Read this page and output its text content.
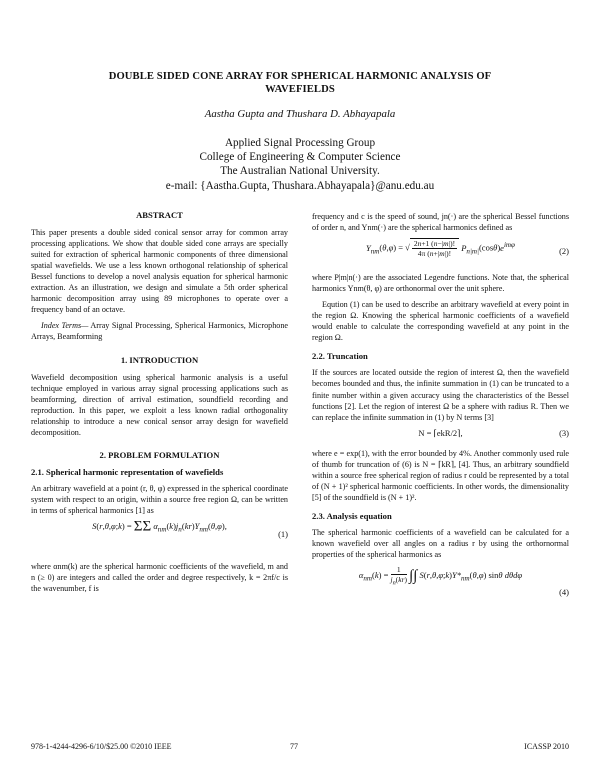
DOUBLE SIDED CONE ARRAY FOR SPHERICAL HARMONIC ANALYSIS OF
WAVEFIELDS
Aastha Gupta and Thushara D. Abhayapala
Applied Signal Processing Group
College of Engineering & Computer Science
The Australian National University.
e-mail: {Aastha.Gupta, Thushara.Abhayapala}@anu.edu.au
ABSTRACT

This paper presents a double sided conical sensor array for common array processing applications. We show that double sided cone arrays are specially suited for extraction of spherical harmonic components of three dimensional spatial wavefields. We use a less known orthogonal relationship of spherical Bessel functions to develop a novel analysis equation for spherical harmonic extraction. As an illustration, we design and simulate a 5th order spherical harmonic decomposition array using 89 microphones to operate over a frequency band of an octave.

Index Terms— Array Signal Processing, Spherical Harmonics, Microphone Arrays, Beamforming

1. INTRODUCTION

Wavefield decomposition using spherical harmonic analysis is a useful technique employed in various array signal processing applications such as beamforming, direction of arrival estimation, soundfield recording and reproduction. In this paper, we exploit a less known radial orthogonality relationship to introduce a new conical sensor array design for wavefield decomposition.

2. PROBLEM FORMULATION
2.1. Spherical harmonic representation of wavefields

An arbitrary wavefield at a point (r, θ, φ) expressed in the spherical coordinate system with respect to an origin, within a source free region Ω, can be written in terms of spherical harmonics [1] as

S(r,θ,φ;k) = ΣΣ $\alpha_{nm}(k)j_n(kr)Y_{nm}(\theta,\varphi)$,
(1)

where αnm(k) are the spherical harmonic coefficients of the wavefield, m and n (≥ 0) are integers and called the order and degree respectively, k = 2πf/c is the wavenumber, f is

frequency and c is the speed of sound, jn(·) are the spherical Bessel functions of order n, and Ynm(·) are the spherical harmonics defined as

$Y_{nm}(\theta,\varphi)$ = √ $\frac{2n+1 (n-|m|)!}{4\pi (n+|m|)!} P_{n|m|}(\cos\theta)e^{im\varphi}$
(2)

where P|m|n(·) are the associated Legendre functions. Note that, the spherical harmonics Ynm(θ, φ) are orthonormal over the unit sphere.

Eqution (1) can be used to describe an arbitrary wavefield at every point in the region Ω. Knowing the spherical harmonic coefficients of a wavefield would enable to calculate the corresponding wavefield at any point in the region Ω.

2.2. Truncation

If the sources are located outside the region of interest Ω, then the wavefield becomes bounded and thus, the infinite summation in (1) can be truncated to a finite number within a given accuracy using the characteristics of the Bessel functions [2]. Let the region of interest Ω be a sphere with radius R. Then we can replace the infinite summation in (1) by N terms [3]

N = ⌈ekR/2⌉,	(3)

where e = exp(1), with the error bounded by 4%. Another commonly used rule of thumb for truncation of (6) is N = ⌈kR⌉, [4]. Thus, an arbitrary soundfield within a source free spherical region of radius r could be represented by a total of (N + 1)² spherical harmonic coefficients. In other words, the dimensionality [5] of the soundfield is (N + 1)².

2.3. Analysis equation

The spherical harmonic coefficients of a wavefield can be calculated for a known wavefield over all angles on a radius r by using the orthornormal properties of the spherical harmonics as

$\alpha_{nm}(k) = \frac{1}{j_n(kr)}$ ∫∫ $S(r,\theta,\varphi;k)Y*_{nm}(\theta,\varphi)$ sinθ dθdφ
(4)
978-1-4244-4296-6/10/$25.00 ©2010 IEEE	77	ICASSP 2010
